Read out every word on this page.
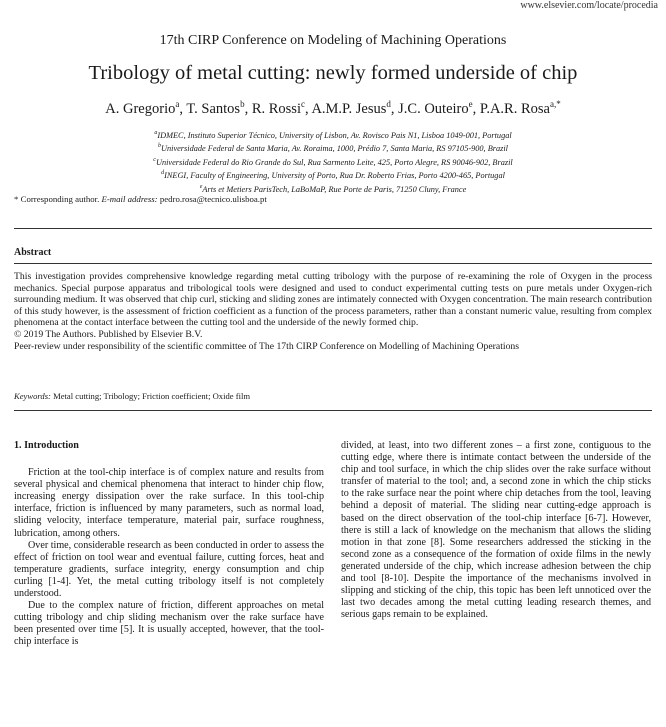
www.elsevier.com/locate/procedia
17th CIRP Conference on Modeling of Machining Operations
Tribology of metal cutting: newly formed underside of chip
A. Gregorio$^a$, T. Santos$^b$, R. Rossi$^c$, A.M.P. Jesus$^d$, J.C. Outeiro$^e$, P.A.R. Rosa$^{a,*}$
$^a$IDMEC, Instituto Superior Técnico, University of Lisbon, Av. Rovisco Pais N1, Lisboa 1049-001, Portugal
$^b$Universidade Federal de Santa Maria, Av. Roraima, 1000, Prédio 7, Santa Maria, RS 97105-900, Brazil
$^c$Universidade Federal do Rio Grande do Sul, Rua Sarmento Leite, 425, Porto Alegre, RS 90046-902, Brazil
$^d$INEGI, Faculty of Engineering, University of Porto, Rua Dr. Roberto Frias, Porto 4200-465, Portugal
$^e$Arts et Metiers ParisTech, LaBoMaP, Rue Porte de Paris, 71250 Cluny, France
* Corresponding author. E-mail address: pedro.rosa@tecnico.ulisboa.pt
Abstract

This investigation provides comprehensive knowledge regarding metal cutting tribology with the purpose of re-examining the role of Oxygen in the process mechanics. Special purpose apparatus and tribological tools were designed and used to conduct experimental cutting tests on pure metals under Oxygen-rich surrounding medium. It was observed that chip curl, sticking and sliding zones are intimately connected with Oxygen concentration. The main research contribution of this study however, is the assessment of friction coefficient as a function of the process parameters, rather than a constant numeric value, resulting from complex phenomena at the contact interface between the cutting tool and the underside of the newly formed chip.

© 2019 The Authors. Published by Elsevier B.V.

Peer-review under responsibility of the scientific committee of The 17th CIRP Conference on Modelling of Machining Operations

Keywords: Metal cutting; Tribology; Friction coefficient; Oxide film

1. Introduction

Friction at the tool-chip interface is of complex nature and results from several physical and chemical phenomena that interact to hinder chip flow, increasing energy dissipation over the rake surface. In this tool-chip interface, friction is influenced by many parameters, such as normal load, sliding velocity, interface temperature, material pair, surface roughness, lubrication, among others.

Over time, considerable research as been conducted in order to assess the effect of friction on tool wear and eventual failure, cutting forces, heat and temperature gradients, surface integrity, energy consumption and chip curling [1-4]. Yet, the metal cutting tribology itself is not completely understood.

Due to the complex nature of friction, different approaches on metal cutting tribology and chip sliding mechanism over the rake surface have been presented over time [5]. It is usually accepted, however, that the tool-chip interface is

divided, at least, into two different zones – a first zone, contiguous to the cutting edge, where there is intimate contact between the underside of the chip and tool surface, in which the chip slides over the rake surface without transfer of material to the tool; and, a second zone in which the chip sticks to the rake surface near the point where chip detaches from the tool, leaving behind a deposit of material. The sliding near cutting-edge approach is based on the direct observation of the tool-chip interface [6-7]. However, there is still a lack of knowledge on the mechanism that allows the sliding motion in that zone [8]. Some researchers addressed the sticking in the second zone as a consequence of the formation of oxide films in the newly generated underside of the chip, which increase adhesion between the chip and tool [8-10]. Despite the importance of the mechanisms involved in slipping and sticking of the chip, this topic has been left unnoticed over the last two decades among the metal cutting leading research themes, and serious gaps remain to be explained.
